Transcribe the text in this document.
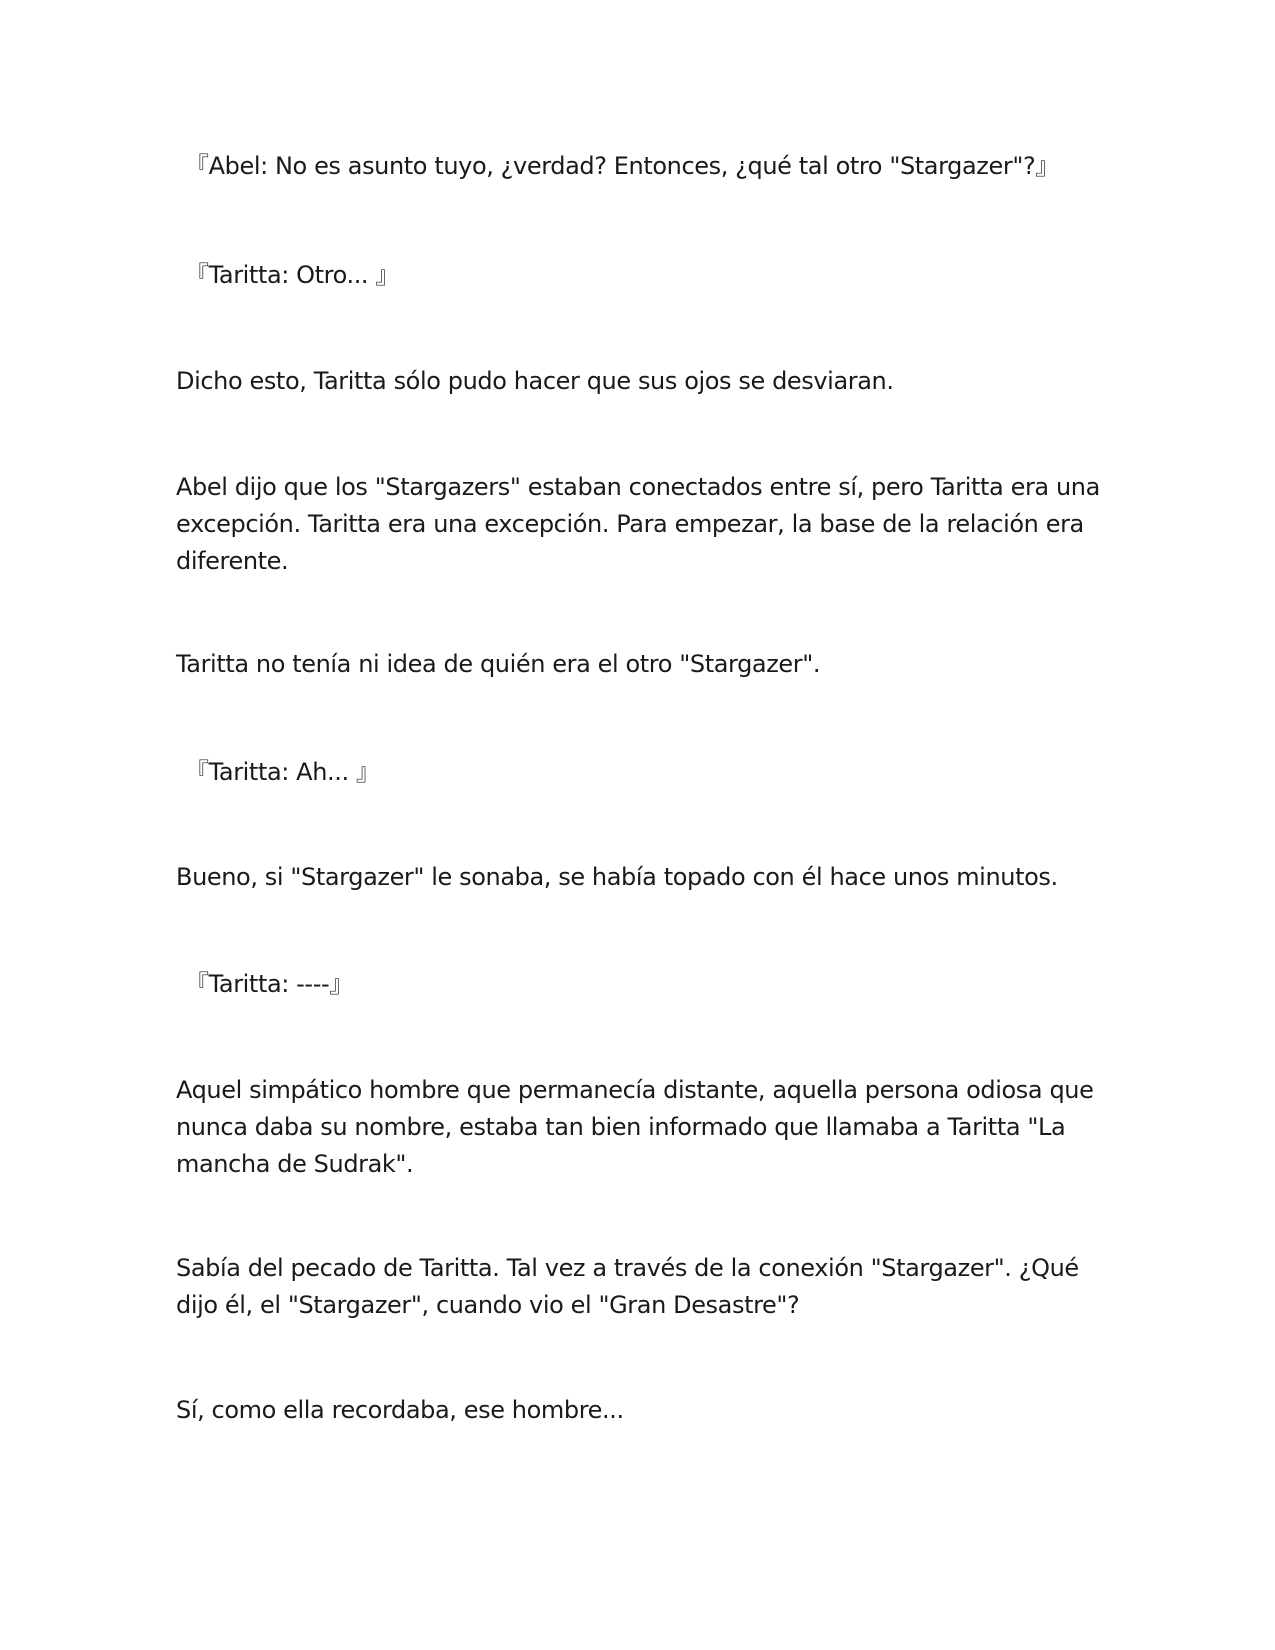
『Abel: No es asunto tuyo, ¿verdad? Entonces, ¿qué tal otro "Stargazer"?』

『Taritta: Otro... 』

Dicho esto, Taritta sólo pudo hacer que sus ojos se desviaran.

Abel dijo que los "Stargazers" estaban conectados entre sí, pero Taritta era una excepción. Taritta era una excepción. Para empezar, la base de la relación era diferente.

Taritta no tenía ni idea de quién era el otro "Stargazer".

『Taritta: Ah... 』

Bueno, si "Stargazer" le sonaba, se había topado con él hace unos minutos.

『Taritta: ----』

Aquel simpático hombre que permanecía distante, aquella persona odiosa que nunca daba su nombre, estaba tan bien informado que llamaba a Taritta "La mancha de Sudrak".

Sabía del pecado de Taritta. Tal vez a través de la conexión "Stargazer". ¿Qué dijo él, el "Stargazer", cuando vio el "Gran Desastre"?

Sí, como ella recordaba, ese hombre...
